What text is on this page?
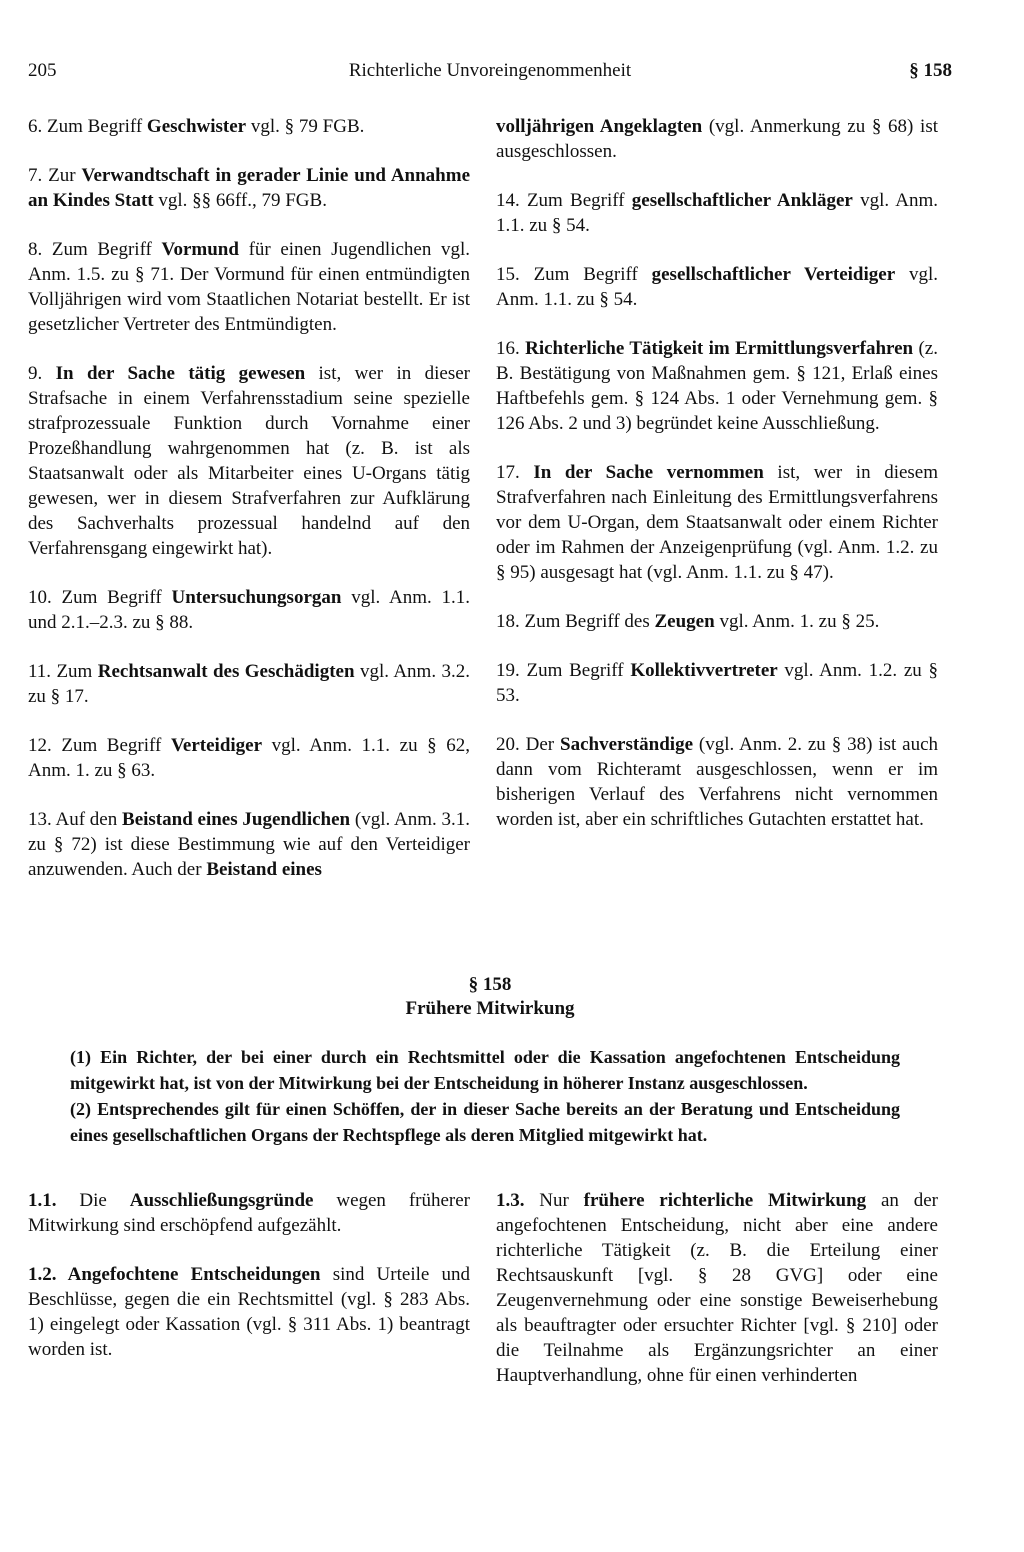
205	Richterliche Unvoreingenommenheit	§ 158

6. Zum Begriff Geschwister vgl. § 79 FGB.

7. Zur Verwandtschaft in gerader Linie und Annahme an Kindes Statt vgl. §§ 66ff., 79 FGB.

8. Zum Begriff Vormund für einen Jugendlichen vgl. Anm. 1.5. zu § 71. Der Vormund für einen entmündigten Volljährigen wird vom Staatlichen Notariat bestellt. Er ist gesetzlicher Vertreter des Entmündigten.

9. In der Sache tätig gewesen ist, wer in dieser Strafsache in einem Verfahrensstadium seine spezielle strafprozessuale Funktion durch Vornahme einer Prozeßhandlung wahrgenommen hat (z. B. ist als Staatsanwalt oder als Mitarbeiter eines U-Organs tätig gewesen, wer in diesem Strafverfahren zur Aufklärung des Sachverhalts prozessual handelnd auf den Verfahrensgang eingewirkt hat).

10. Zum Begriff Untersuchungsorgan vgl. Anm. 1.1. und 2.1.–2.3. zu § 88.

11. Zum Rechtsanwalt des Geschädigten vgl. Anm. 3.2. zu § 17.

12. Zum Begriff Verteidiger vgl. Anm. 1.1. zu § 62, Anm. 1. zu § 63.

13. Auf den Beistand eines Jugendlichen (vgl. Anm. 3.1. zu § 72) ist diese Bestimmung wie auf den Verteidiger anzuwenden. Auch der Beistand eines

volljährigen Angeklagten (vgl. Anmerkung zu § 68) ist ausgeschlossen.

14. Zum Begriff gesellschaftlicher Ankläger vgl. Anm. 1.1. zu § 54.

15. Zum Begriff gesellschaftlicher Verteidiger vgl. Anm. 1.1. zu § 54.

16. Richterliche Tätigkeit im Ermittlungsverfahren (z. B. Bestätigung von Maßnahmen gem. § 121, Erlaß eines Haftbefehls gem. § 124 Abs. 1 oder Vernehmung gem. § 126 Abs. 2 und 3) begründet keine Ausschließung.

17. In der Sache vernommen ist, wer in diesem Strafverfahren nach Einleitung des Ermittlungsverfahrens vor dem U-Organ, dem Staatsanwalt oder einem Richter oder im Rahmen der Anzeigenprüfung (vgl. Anm. 1.2. zu § 95) ausgesagt hat (vgl. Anm. 1.1. zu § 47).

18. Zum Begriff des Zeugen vgl. Anm. 1. zu § 25.

19. Zum Begriff Kollektivvertreter vgl. Anm. 1.2. zu § 53.

20. Der Sachverständige (vgl. Anm. 2. zu § 38) ist auch dann vom Richteramt ausgeschlossen, wenn er im bisherigen Verlauf des Verfahrens nicht vernommen worden ist, aber ein schriftliches Gutachten erstattet hat.

§ 158
Frühere Mitwirkung

(1) Ein Richter, der bei einer durch ein Rechtsmittel oder die Kassation angefochtenen Entscheidung mitgewirkt hat, ist von der Mitwirkung bei der Entscheidung in höherer Instanz ausgeschlossen.

(2) Entsprechendes gilt für einen Schöffen, der in dieser Sache bereits an der Beratung und Entscheidung eines gesellschaftlichen Organs der Rechtspflege als deren Mitglied mitgewirkt hat.

1.1. Die Ausschließungsgründe wegen früherer Mitwirkung sind erschöpfend aufgezählt.

1.2. Angefochtene Entscheidungen sind Urteile und Beschlüsse, gegen die ein Rechtsmittel (vgl. § 283 Abs. 1) eingelegt oder Kassation (vgl. § 311 Abs. 1) beantragt worden ist.

1.3. Nur frühere richterliche Mitwirkung an der angefochtenen Entscheidung, nicht aber eine andere richterliche Tätigkeit (z. B. die Erteilung einer Rechtsauskunft [vgl. § 28 GVG] oder eine Zeugenvernehmung oder eine sonstige Beweiserhebung als beauftragter oder ersuchter Richter [vgl. § 210] oder die Teilnahme als Ergänzungsrichter an einer Hauptverhandlung, ohne für einen verhinderten
